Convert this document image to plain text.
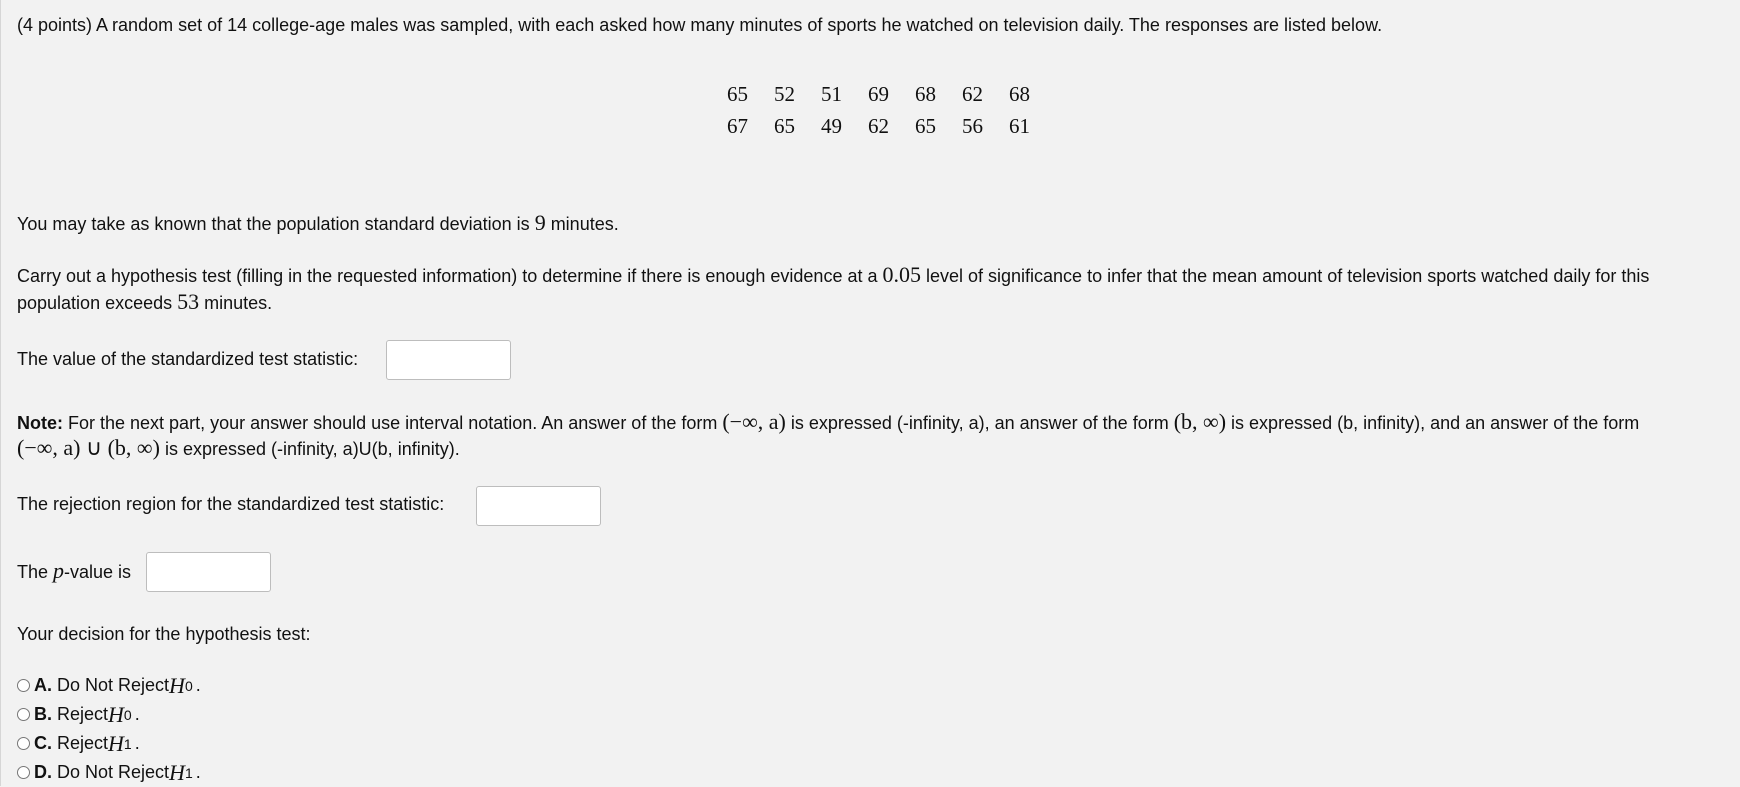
(4 points) A random set of 14 college-age males was sampled, with each asked how many minutes of sports he watched on television daily. The responses are listed below.
65	52	51	69	68	62	68
67	65	49	62	65	56	61
You may take as known that the population standard deviation is 9 minutes.
Carry out a hypothesis test (filling in the requested information) to determine if there is enough evidence at a 0.05 level of significance to infer that the mean amount of television sports watched daily for this population exceeds 53 minutes.
The value of the standardized test statistic:
Note: For the next part, your answer should use interval notation. An answer of the form (−∞, a) is expressed (-infinity, a), an answer of the form (b, ∞) is expressed (b, infinity), and an answer of the form
(−∞, a) ∪ (b, ∞) is expressed (-infinity, a)U(b, infinity).
The rejection region for the standardized test statistic:
The p-value is
Your decision for the hypothesis test:
A. Do Not Reject H 0 .
B. Reject H 0 .
C. Reject H 1 .
D. Do Not Reject H 1 .
